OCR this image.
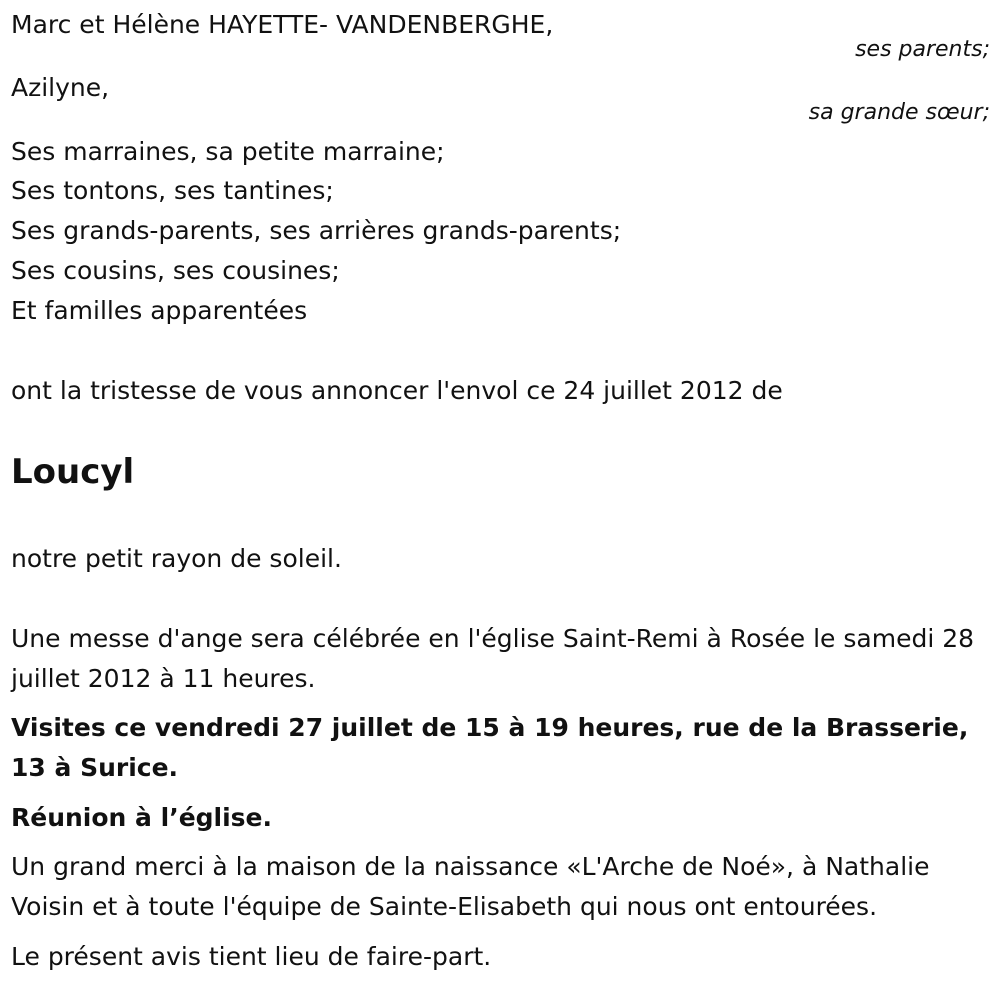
Marc et Hélène HAYETTE- VANDENBERGHE,

ses parents;

Azilyne,

sa grande sœur;

Ses marraines, sa petite marraine;

Ses tontons, ses tantines;

Ses grands-parents, ses arrières grands-parents;

Ses cousins, ses cousines;

Et familles apparentées

ont la tristesse de vous annoncer l'envol ce 24 juillet 2012 de

Loucyl

notre petit rayon de soleil.

Une messe d'ange sera célébrée en l'église Saint-Remi à Rosée le samedi 28 juillet 2012 à 11 heures.

Visites ce vendredi 27 juillet de 15 à 19 heures, rue de la Brasserie, 13 à Surice.

Réunion à l’église.

Un grand merci à la maison de la naissance «L'Arche de Noé», à Nathalie Voisin et à toute l'équipe de Sainte-Elisabeth qui nous ont entourées.

Le présent avis tient lieu de faire-part.
